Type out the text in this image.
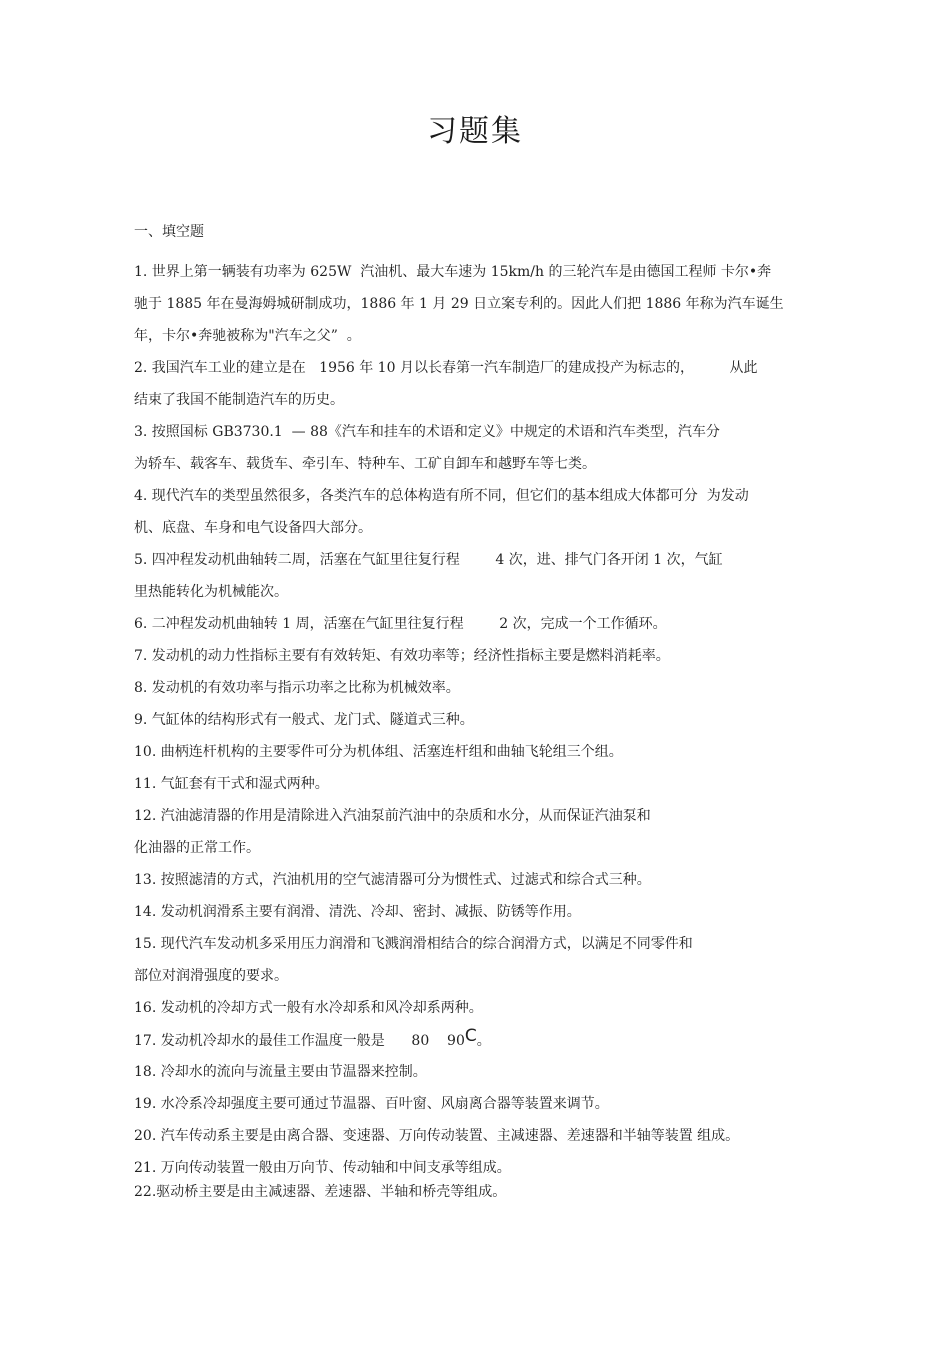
习题集
一、填空题
1. 世界上第一辆装有功率为 625W  汽油机、最大车速为 15km/h 的三轮汽车是由德国工程师 卡尔•奔
驰于 1885 年在曼海姆城研制成功，1886 年 1 月 29 日立案专利的。因此人们把 1886 年称为汽车诞生
年，卡尔•奔驰被称为"汽车之父”  。
2. 我国汽车工业的建立是在   1956 年 10 月以长春第一汽车制造厂的建成投产为标志的，        从此
结束了我国不能制造汽车的历史。
3. 按照国标 GB3730.1  — 88《汽车和挂车的术语和定义》中规定的术语和汽车类型，汽车分
为轿车、载客车、载货车、牵引车、特种车、工矿自卸车和越野车等七类。
4. 现代汽车的类型虽然很多，各类汽车的总体构造有所不同，但它们的基本组成大体都可分  为发动
机、底盘、车身和电气设备四大部分。
5. 四冲程发动机曲轴转二周，活塞在气缸里往复行程        4 次，进、排气门各开闭 1 次，气缸
里热能转化为机械能次。
6. 二冲程发动机曲轴转 1 周，活塞在气缸里往复行程        2 次，完成一个工作循环。
7. 发动机的动力性指标主要有有效转矩、有效功率等；经济性指标主要是燃料消耗率。
8. 发动机的有效功率与指示功率之比称为机械效率。
9. 气缸体的结构形式有一般式、龙门式、隧道式三种。
10. 曲柄连杆机构的主要零件可分为机体组、活塞连杆组和曲轴飞轮组三个组。
11. 气缸套有干式和湿式两种。
12. 汽油滤清器的作用是清除进入汽油泵前汽油中的杂质和水分，从而保证汽油泵和
化油器的正常工作。
13. 按照滤清的方式，汽油机用的空气滤清器可分为惯性式、过滤式和综合式三种。
14. 发动机润滑系主要有润滑、清洗、冷却、密封、减振、防锈等作用。
15. 现代汽车发动机多采用压力润滑和飞溅润滑相结合的综合润滑方式，以满足不同零件和
部位对润滑强度的要求。
16. 发动机的冷却方式一般有水冷却系和风冷却系两种。
17. 发动机冷却水的最佳工作温度一般是      80    90C。
18. 冷却水的流向与流量主要由节温器来控制。
19. 水冷系冷却强度主要可通过节温器、百叶窗、风扇离合器等装置来调节。
20. 汽车传动系主要是由离合器、变速器、万向传动装置、主减速器、差速器和半轴等装置 组成。
21. 万向传动装置一般由万向节、传动轴和中间支承等组成。
22.驱动桥主要是由主减速器、差速器、半轴和桥壳等组成。
